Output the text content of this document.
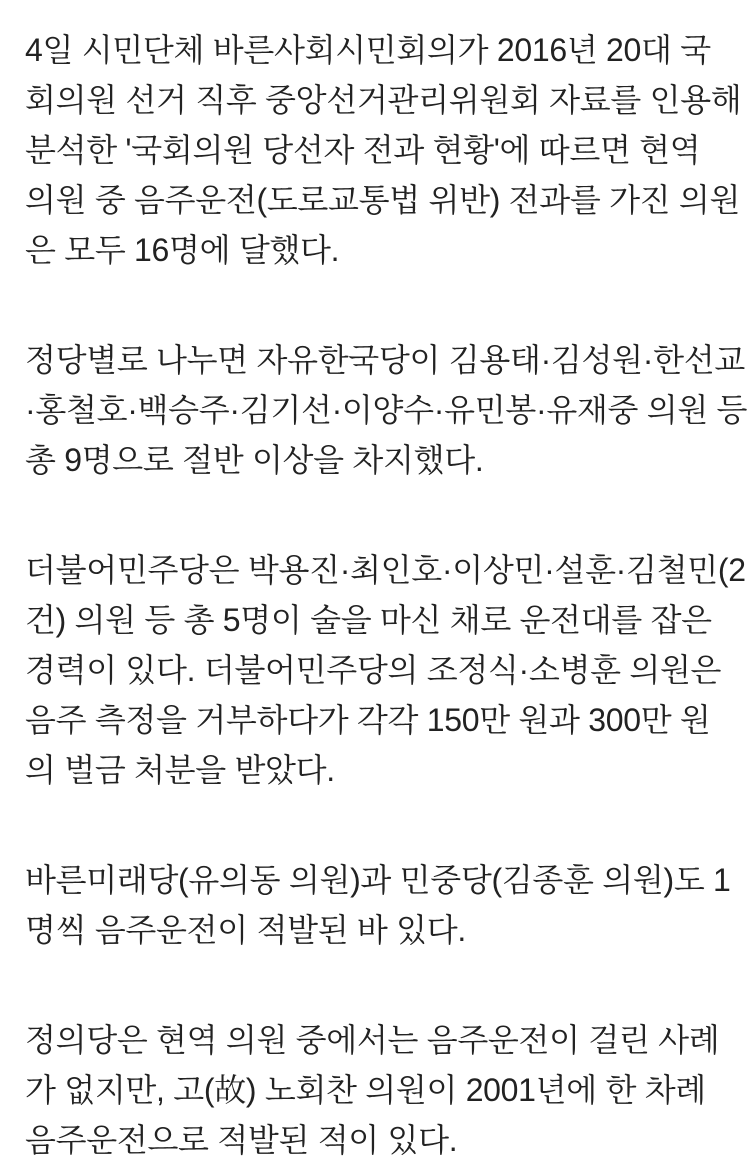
4일 시민단체 바른사회시민회의가 2016년 20대 국
회의원 선거 직후 중앙선거관리위원회 자료를 인용해
분석한 '국회의원 당선자 전과 현황'에 따르면 현역
의원 중 음주운전(도로교통법 위반) 전과를 가진 의원
은 모두 16명에 달했다.

정당별로 나누면 자유한국당이 김용태·김성원·한선교
·홍철호·백승주·김기선·이양수·유민봉·유재중 의원 등
총 9명으로 절반 이상을 차지했다.

더불어민주당은 박용진·최인호·이상민·설훈·김철민(2
건) 의원 등 총 5명이 술을 마신 채로 운전대를 잡은
경력이 있다. 더불어민주당의 조정식·소병훈 의원은
음주 측정을 거부하다가 각각 150만 원과 300만 원
의 벌금 처분을 받았다.

바른미래당(유의동 의원)과 민중당(김종훈 의원)도 1
명씩 음주운전이 적발된 바 있다.

정의당은 현역 의원 중에서는 음주운전이 걸린 사례
가 없지만, 고(故) 노회찬 의원이 2001년에 한 차례
음주운전으로 적발된 적이 있다.
